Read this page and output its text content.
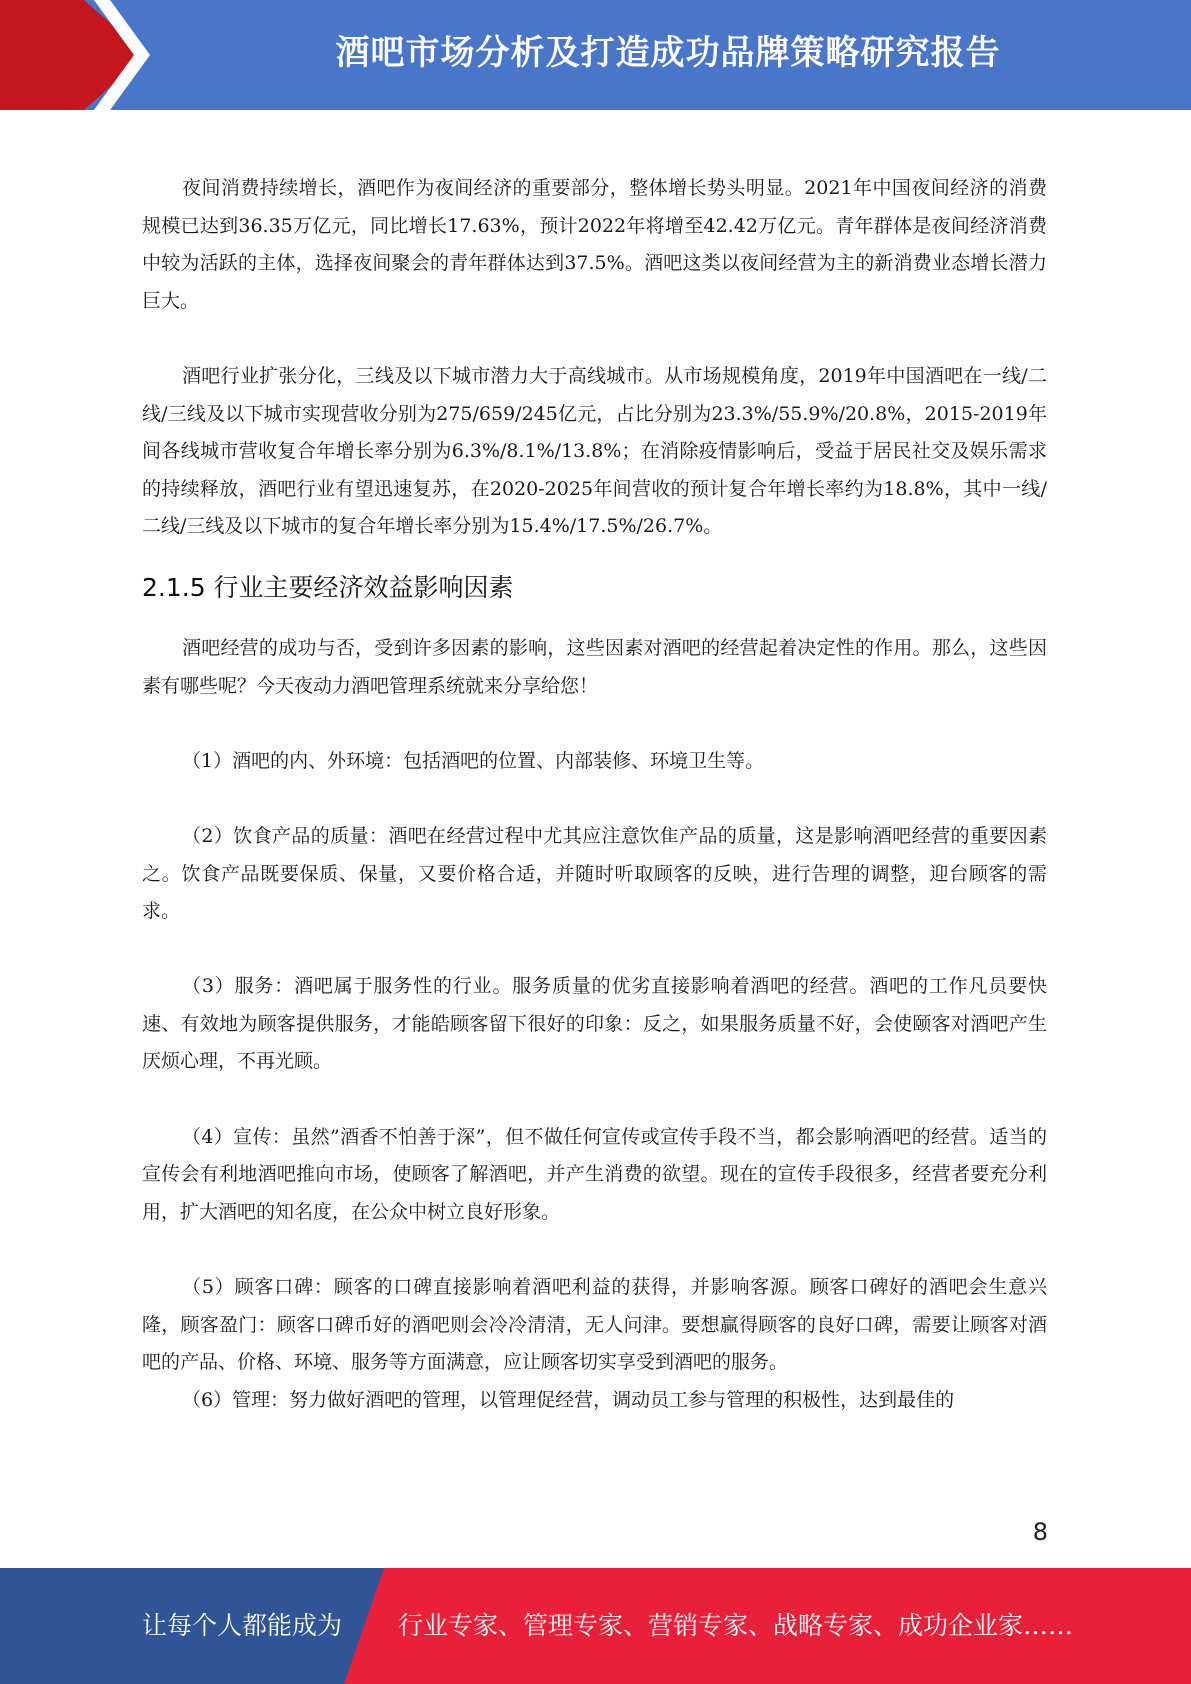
酒吧市场分析及打造成功品牌策略研究报告

夜间消费持续增长，酒吧作为夜间经济的重要部分，整体增长势头明显。2021年中国夜间经济的消费规模已达到36.35万亿元，同比增长17.63%，预计2022年将增至42.42万亿元。青年群体是夜间经济消费中较为活跃的主体，选择夜间聚会的青年群体达到37.5%。酒吧这类以夜间经营为主的新消费业态增长潜力巨大。

酒吧行业扩张分化，三线及以下城市潜力大于高线城市。从市场规模角度，2019年中国酒吧在一线/二线/三线及以下城市实现营收分别为275/659/245亿元，占比分别为23.3%/55.9%/20.8%，2015-2019年间各线城市营收复合年增长率分别为6.3%/8.1%/13.8%；在消除疫情影响后，受益于居民社交及娱乐需求的持续释放，酒吧行业有望迅速复苏，在2020-2025年间营收的预计复合年增长率约为18.8%，其中一线/二线/三线及以下城市的复合年增长率分别为15.4%/17.5%/26.7%。

2.1.5 行业主要经济效益影响因素

酒吧经营的成功与否，受到许多因素的影响，这些因素对酒吧的经营起着决定性的作用。那么，这些因素有哪些呢？今天夜动力酒吧管理系统就来分享给您！

（1）酒吧的内、外环境：包括酒吧的位置、内部装修、环境卫生等。

（2）饮食产品的质量：酒吧在经营过程中尤其应注意饮隹产品的质量，这是影响酒吧经营的重要因素之。饮食产品既要保质、保量，又要价格合适，并随时听取顾客的反映，进行告理的调整，迎台顾客的需求。

（3）服务：酒吧属于服务性的行业。服务质量的优劣直接影响着酒吧的经营。酒吧的工作凡员要快速、有效地为顾客提供服务，才能皓顾客留下很好的印象：反之，如果服务质量不好，会使颐客对酒吧产生厌烦心理，不再光顾。

（4）宣传：虽然”酒香不怕善于深”，但不做任何宣传或宣传手段不当，都会影响酒吧的经营。适当的宣传会有利地酒吧推向市场，使顾客了解酒吧，并产生消费的欲望。现在的宣传手段很多，经营者要充分利用，扩大酒吧的知名度，在公众中树立良好形象。

（5）顾客口碑：顾客的口碑直接影响着酒吧利益的获得，并影响客源。顾客口碑好的酒吧会生意兴隆，顾客盈门：顾客口碑币好的酒吧则会冷冷清清，无人问津。要想赢得顾客的良好口碑，需要让顾客对酒吧的产品、价格、环境、服务等方面满意，应让顾客切实享受到酒吧的服务。

（6）管理：努力做好酒吧的管理，以管理促经营，调动员工参与管理的积极性，达到最佳的

8
让每个人都能成为 行业专家、管理专家、营销专家、战略专家、成功企业家……
